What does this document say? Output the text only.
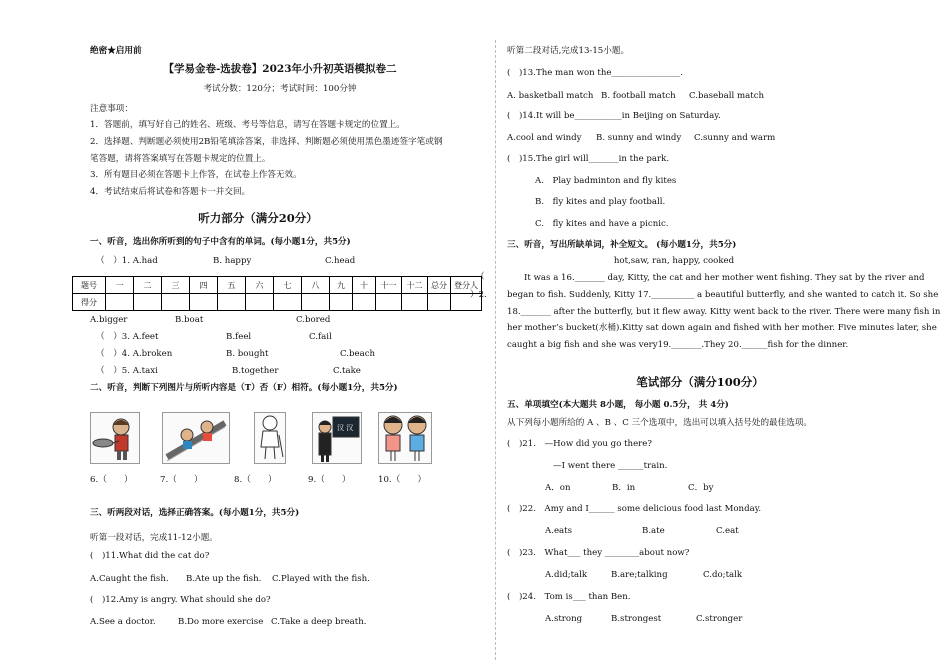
绝密★启用前
【学易金卷-选拔卷】2023年小升初英语模拟卷二
考试分数：120分；考试时间：100分钟
注意事项：
1．答题前，填写好自己的姓名、班级、考号等信息，请写在答题卡规定的位置上。
2．选择题、判断题必须使用2B铅笔填涂答案，非选择、判断题必须使用黑色墨迹签字笔或钢
笔答题，请将答案填写在答题卡规定的位置上。
3．所有题目必须在答题卡上作答，在试卷上作答无效。
4．考试结束后将试卷和答题卡一并交回。
听力部分（满分20分）
一、听音，选出你所听到的句子中含有的单词。(每小题1分，共5分)
（　）1. A.had	B. happy	C.head
题号	一	二	三	四	五	六	七	八	九	十	十一	十二	总分	登分人
得分														
（
）2.
A.bigger	B.boat	C.bored
（　）3. A.feet	B.feel	C.fail
（　）4. A.broken	B. bought	C.beach
（　）5. A.taxi	B.together	C.take
二、听音，判断下列图片与所听内容是（T）否（F）相符。(每小题1分，共5分)
汉 汉
6.（　　）	7.（　　）	8.（　　）	9.（　　）	10.（　　）
三、听两段对话，选择正确答案。(每小题1分，共5分)
听第一段对话，完成11-12小题。
(　)11.What did the cat do?
A.Caught the fish. B.Ate up the fish. C.Played with the fish.
(　)12.Amy is angry. What should she do?
A.See a doctor.	B.Do more exercise C.Take a deep breath.
听第二段对话,完成13-15小题。
(　)13.The man won the________________.
A. basketball match B. football match C.baseball match
(　)14.It will be___________in Beijing on Saturday.
A.cool and windy B. sunny and windy C.sunny and warm
(　)15.The girl will_______in the park.
A.　Play badminton and fly kites
B.　fly kites and play football.
C.　fly kites and have a picnic.
三、听音，写出所缺单词，补全短文。 (每小题1分，共5分)
hot,saw, ran, happy, cooked
It was a 16._______ day, Kitty, the cat and her mother went fishing. They sat by the river and
began to fish. Suddenly, Kitty 17.__________ a beautiful butterfly, and she wanted to catch it. So she
18._______ after the butterfly, but it flew away. Kitty went back to the river. There were many fish in
her mother’s bucket(水桶).Kitty sat down again and fished with her mother. Five minutes later, she
caught a big fish and she was very19._______.They 20.______fish for the dinner.
笔试部分（满分100分）
五、单项填空(本大题共 8小题， 每小题 0.5分， 共 4分)
从下列每小题所给的 A 、B 、C 三个选项中，选出可以填入括号处的最佳选项。
(　)21.　—How did you go there?
—I went there ______train.
A．on	B．in	C．by
(　)22.　Amy and I______ some delicious food last Monday.
A.eats	B.ate	C.eat
(　)23.　What___ they ________about now?
A.did;talk	B.are;talking	C.do;talk
(　)24.　Tom is___ than Ben.
A.strong	B.strongest	C.stronger
